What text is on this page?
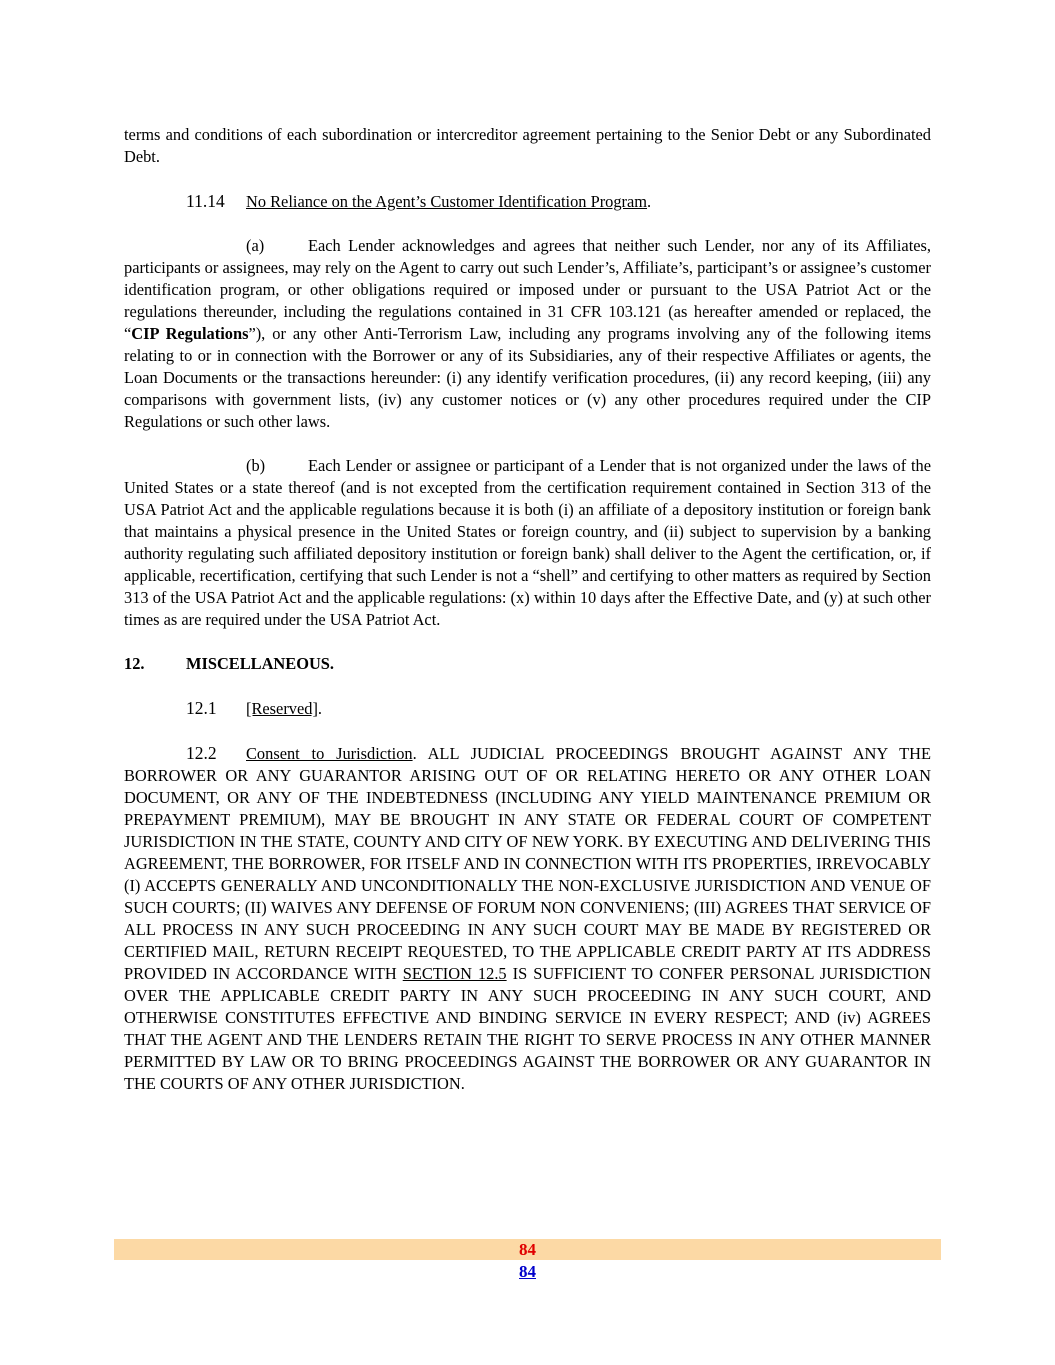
terms and conditions of each subordination or intercreditor agreement pertaining to the Senior Debt or any Subordinated Debt.

11.14 No Reliance on the Agent’s Customer Identification Program.

(a)	Each Lender acknowledges and agrees that neither such Lender, nor any of its Affiliates, participants or assignees, may rely on the Agent to carry out such Lender’s, Affiliate’s, participant’s or assignee’s customer identification program, or other obligations required or imposed under or pursuant to the USA Patriot Act or the regulations thereunder, including the regulations contained in 31 CFR 103.121 (as hereafter amended or replaced, the “CIP Regulations”), or any other Anti-Terrorism Law, including any programs involving any of the following items relating to or in connection with the Borrower or any of its Subsidiaries, any of their respective Affiliates or agents, the Loan Documents or the transactions hereunder: (i) any identify verification procedures, (ii) any record keeping, (iii) any comparisons with government lists, (iv) any customer notices or (v) any other procedures required under the CIP Regulations or such other laws.

(b)	Each Lender or assignee or participant of a Lender that is not organized under the laws of the United States or a state thereof (and is not excepted from the certification requirement contained in Section 313 of the USA Patriot Act and the applicable regulations because it is both (i) an affiliate of a depository institution or foreign bank that maintains a physical presence in the United States or foreign country, and (ii) subject to supervision by a banking authority regulating such affiliated depository institution or foreign bank) shall deliver to the Agent the certification, or, if applicable, recertification, certifying that such Lender is not a “shell” and certifying to other matters as required by Section 313 of the USA Patriot Act and the applicable regulations: (x) within 10 days after the Effective Date, and (y) at such other times as are required under the USA Patriot Act.

12.	MISCELLANEOUS.
12.1 [Reserved].

12.2 Consent to Jurisdiction. ALL JUDICIAL PROCEEDINGS BROUGHT AGAINST ANY THE BORROWER OR ANY GUARANTOR ARISING OUT OF OR RELATING HERETO OR ANY OTHER LOAN DOCUMENT, OR ANY OF THE INDEBTEDNESS (INCLUDING ANY YIELD MAINTENANCE PREMIUM OR PREPAYMENT PREMIUM), MAY BE BROUGHT IN ANY STATE OR FEDERAL COURT OF COMPETENT JURISDICTION IN THE STATE, COUNTY AND CITY OF NEW YORK. BY EXECUTING AND DELIVERING THIS AGREEMENT, THE BORROWER, FOR ITSELF AND IN CONNECTION WITH ITS PROPERTIES, IRREVOCABLY (I) ACCEPTS GENERALLY AND UNCONDITIONALLY THE NON-EXCLUSIVE JURISDICTION AND VENUE OF SUCH COURTS; (II) WAIVES ANY DEFENSE OF FORUM NON CONVENIENS; (III) AGREES THAT SERVICE OF ALL PROCESS IN ANY SUCH PROCEEDING IN ANY SUCH COURT MAY BE MADE BY REGISTERED OR CERTIFIED MAIL, RETURN RECEIPT REQUESTED, TO THE APPLICABLE CREDIT PARTY AT ITS ADDRESS PROVIDED IN ACCORDANCE WITH SECTION 12.5 IS SUFFICIENT TO CONFER PERSONAL JURISDICTION OVER THE APPLICABLE CREDIT PARTY IN ANY SUCH PROCEEDING IN ANY SUCH COURT, AND OTHERWISE CONSTITUTES EFFECTIVE AND BINDING SERVICE IN EVERY RESPECT; AND (iv) AGREES THAT THE AGENT AND THE LENDERS RETAIN THE RIGHT TO SERVE PROCESS IN ANY OTHER MANNER PERMITTED BY LAW OR TO BRING PROCEEDINGS AGAINST THE BORROWER OR ANY GUARANTOR IN THE COURTS OF ANY OTHER JURISDICTION.

84
84
